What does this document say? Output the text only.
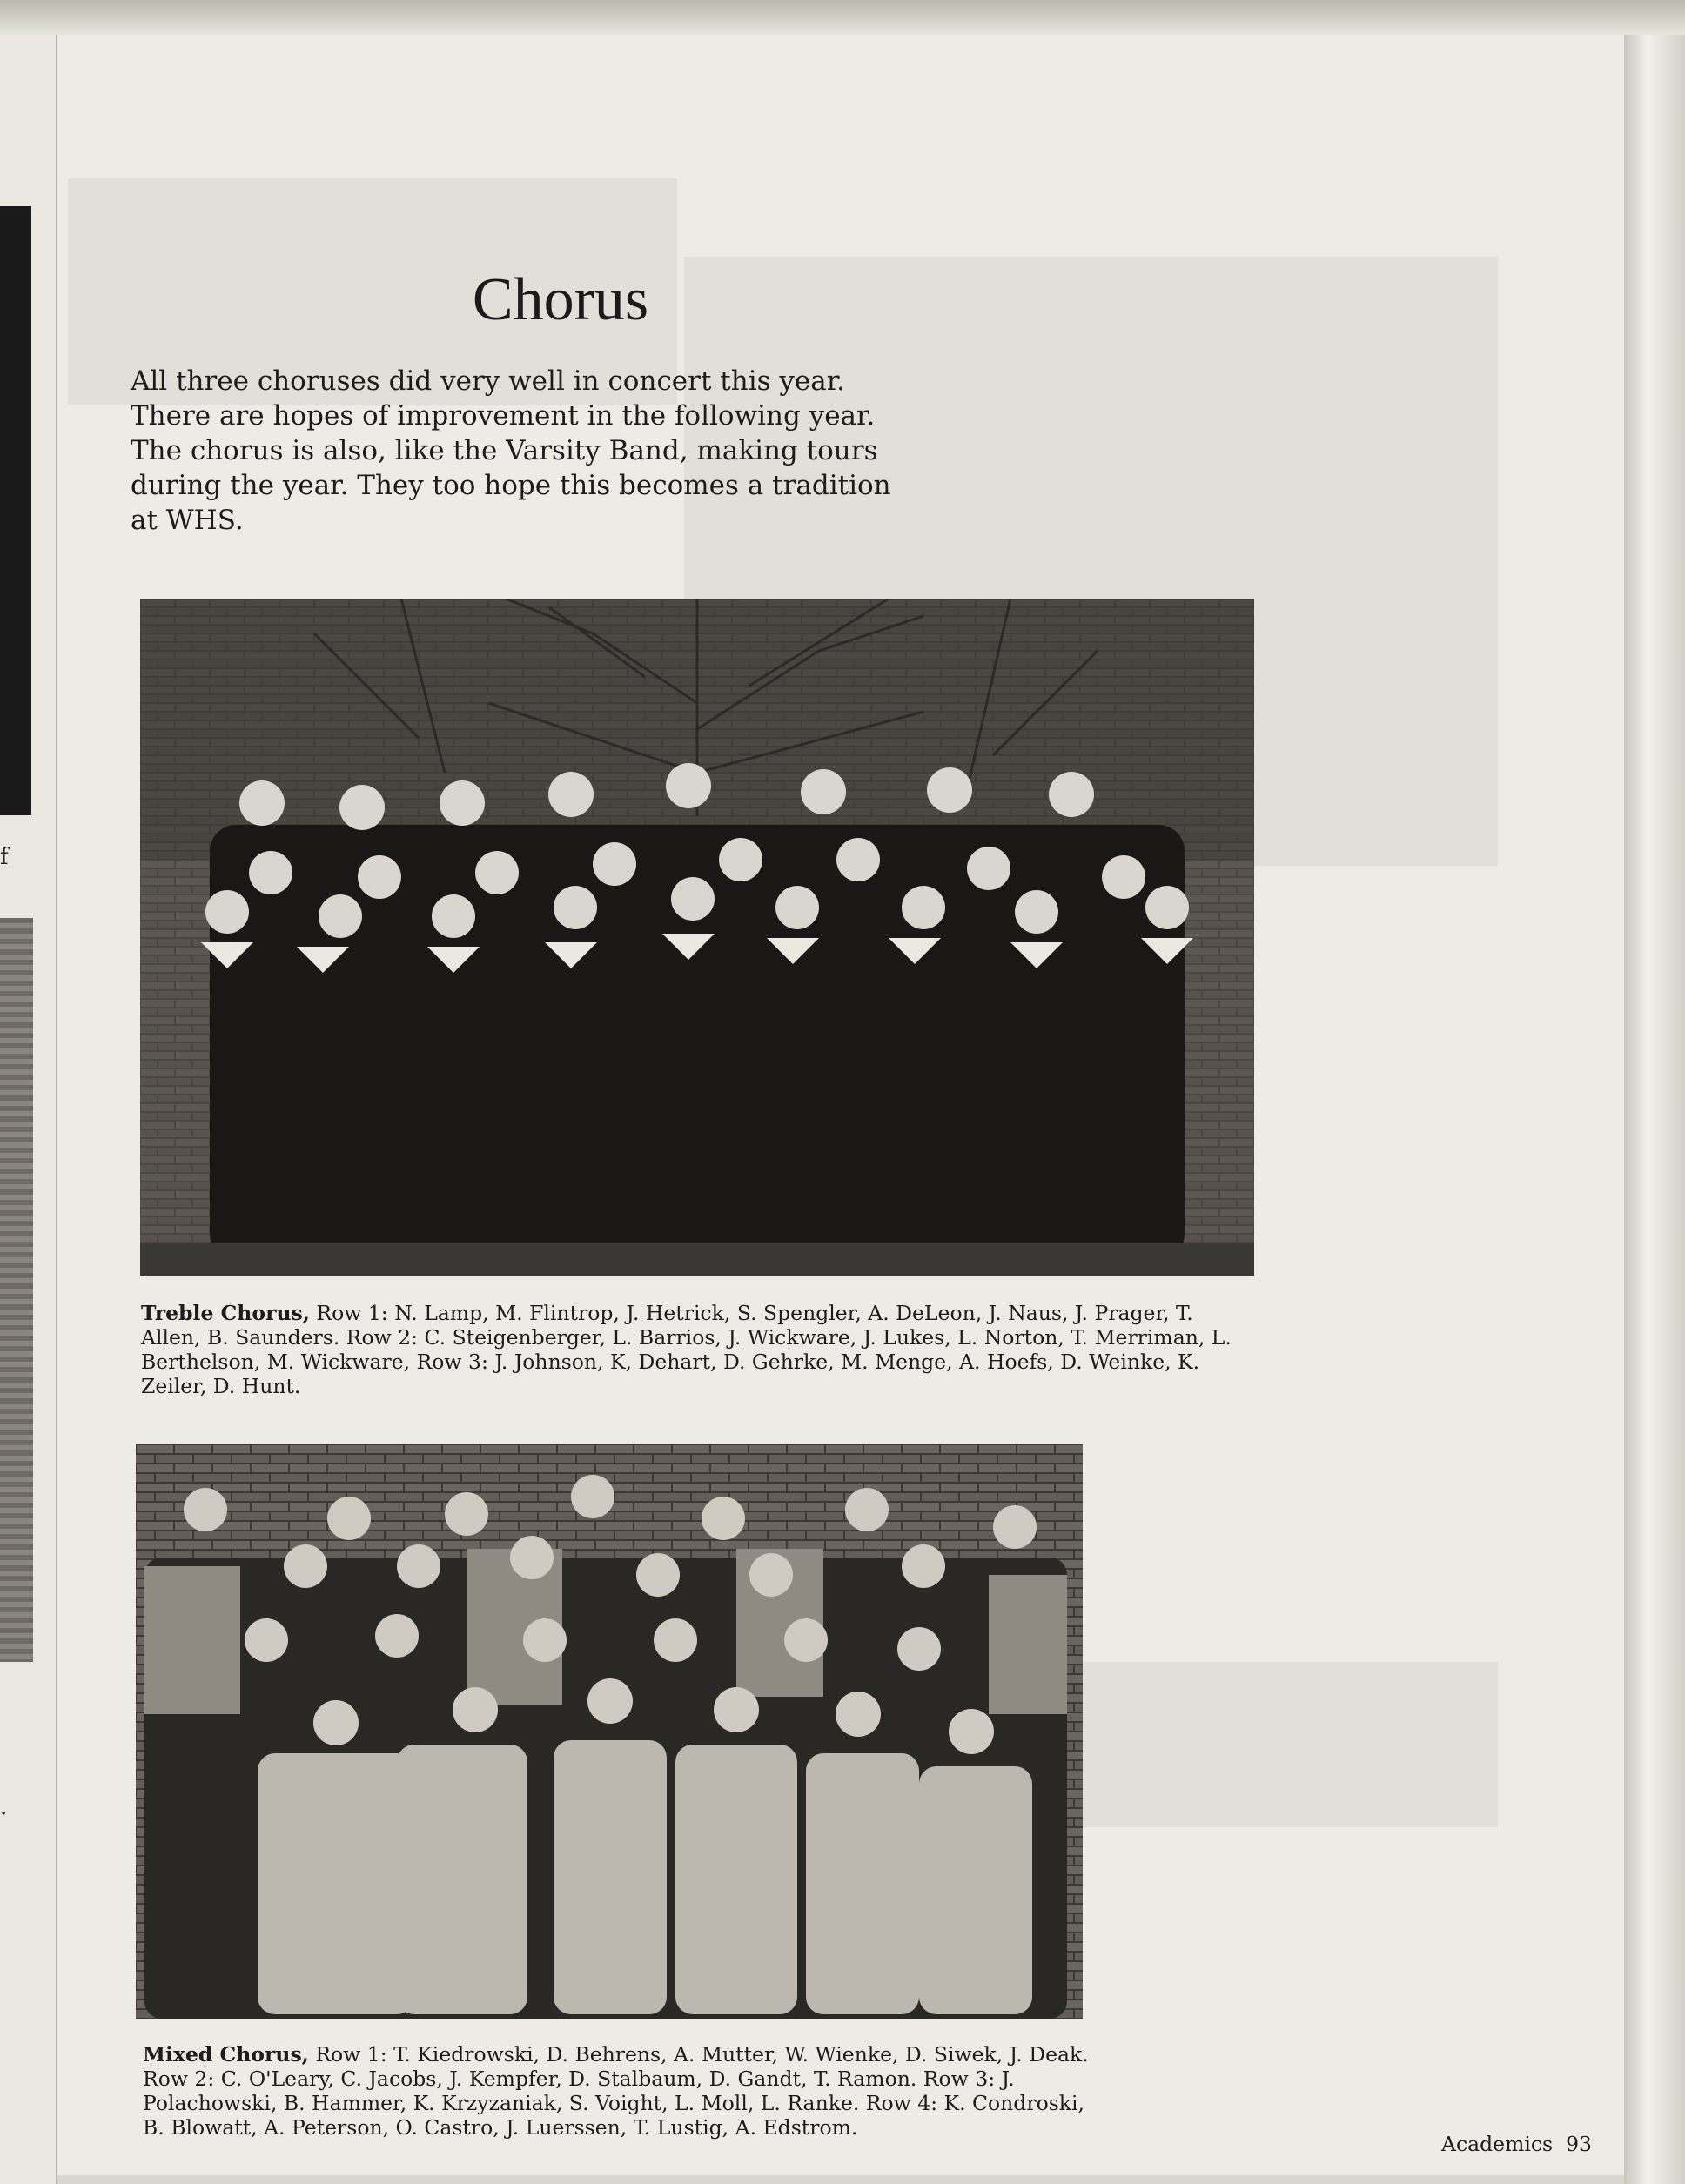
f
.
Chorus
All three choruses did very well in concert this year. There are hopes of improvement in the following year. The chorus is also, like the Varsity Band, making tours during the year. They too hope this becomes a tradition at WHS.
Treble Chorus, Row 1: N. Lamp, M. Flintrop, J. Hetrick, S. Spengler, A. DeLeon, J. Naus, J. Prager, T. Allen, B. Saunders. Row 2: C. Steigenberger, L. Barrios, J. Wickware, J. Lukes, L. Norton, T. Merriman, L. Berthelson, M. Wickware, Row 3: J. Johnson, K, Dehart, D. Gehrke, M. Menge, A. Hoefs, D. Weinke, K. Zeiler, D. Hunt.
Mixed Chorus, Row 1: T. Kiedrowski, D. Behrens, A. Mutter, W. Wienke, D. Siwek, J. Deak. Row 2: C. O'Leary, C. Jacobs, J. Kempfer, D. Stalbaum, D. Gandt, T. Ramon. Row 3: J. Polachowski, B. Hammer, K. Krzyzaniak, S. Voight, L. Moll, L. Ranke. Row 4: K. Condroski, B. Blowatt, A. Peterson, O. Castro, J. Luerssen, T. Lustig, A. Edstrom.
Academics 93
